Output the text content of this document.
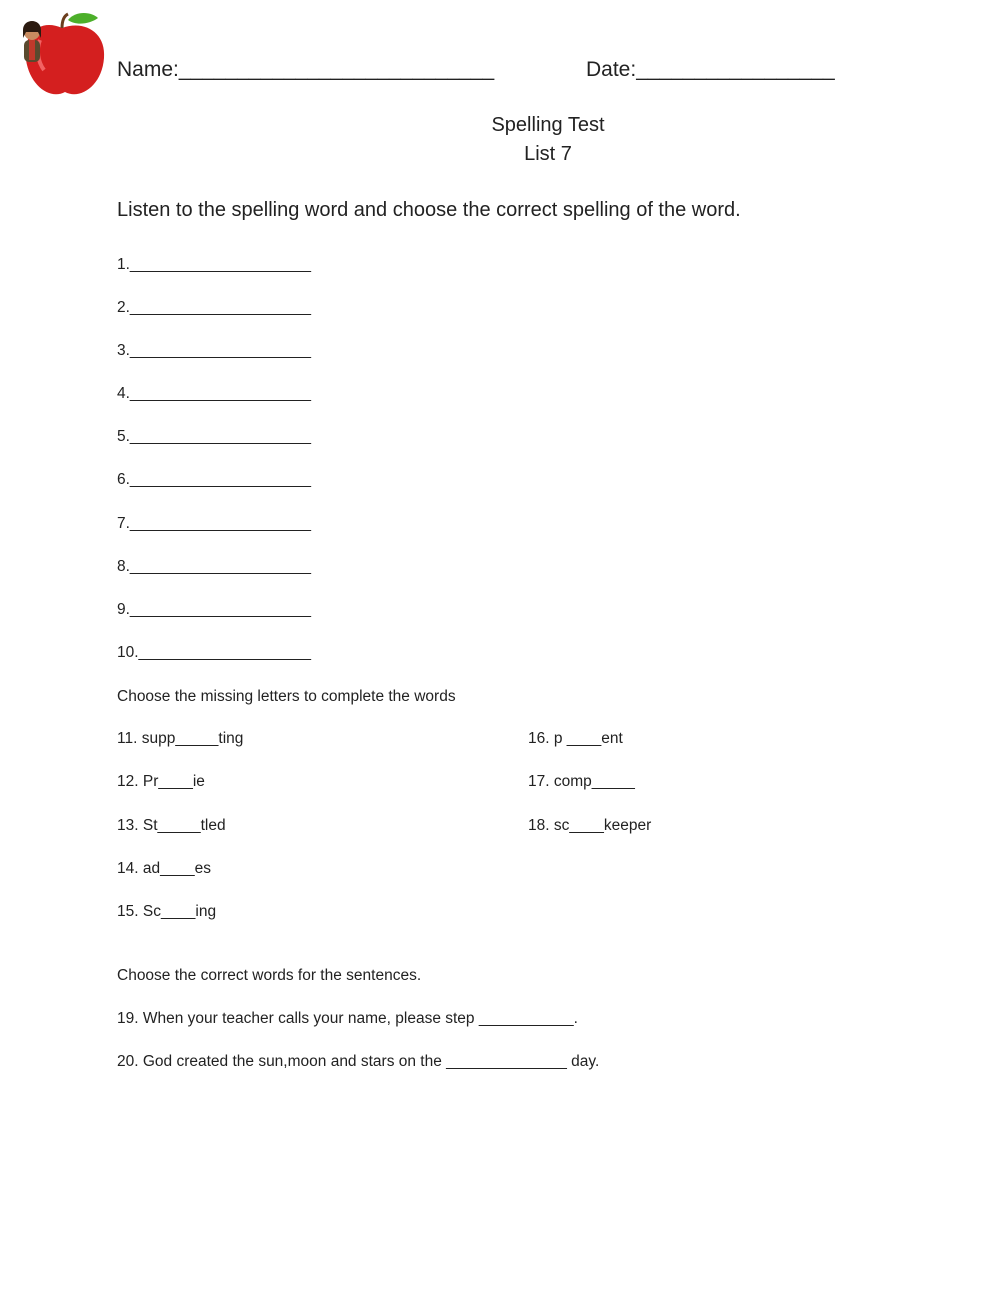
Name:___________________________	Date:_________________
Spelling Test
List 7
Listen to the spelling word and choose the correct spelling of the word.
1._____________________
2._____________________
3._____________________
4._____________________
5._____________________
6._____________________
7._____________________
8._____________________
9._____________________
10.____________________
Choose the missing letters to complete the words
11. supp_____ting
12. Pr____ie
13. St_____tled
14. ad____es
15. Sc____ing
16. p ____ent
17. comp_____
18. sc____keeper
Choose the correct words for the sentences.
19. When your teacher calls your name, please step ___________.
20. God created the sun,moon and stars on the ______________ day.
